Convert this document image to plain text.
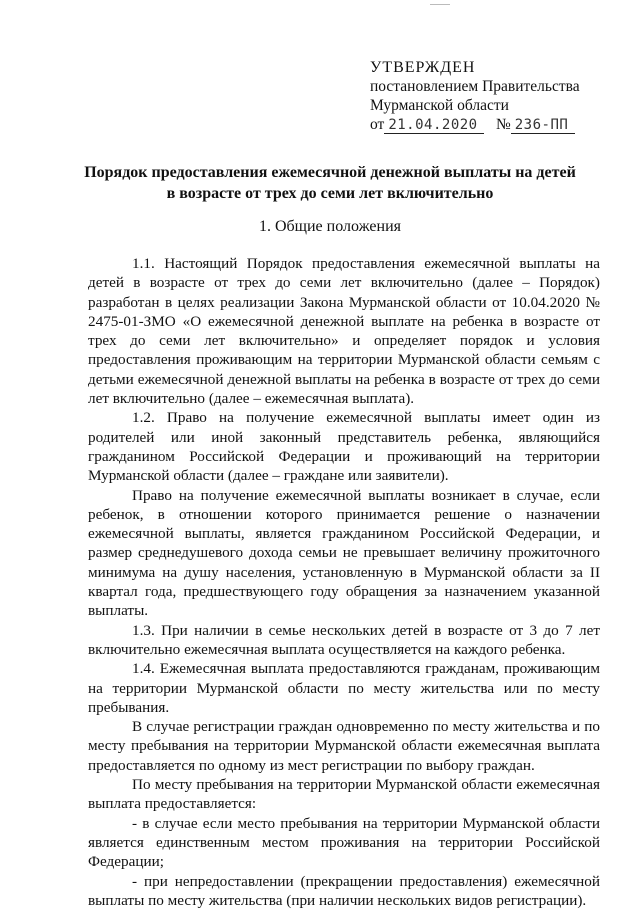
УТВЕРЖДЕН
постановлением Правительства
Мурманской области
от 21.04.2020 № 236-ПП
Порядок предоставления ежемесячной денежной выплаты на детей
в возрасте от трех до семи лет включительно
1. Общие положения

1.1. Настоящий Порядок предоставления ежемесячной выплаты на детей в возрасте от трех до семи лет включительно (далее – Порядок) разработан в целях реализации Закона Мурманской области от 10.04.2020 № 2475-01-ЗМО «О ежемесячной денежной выплате на ребенка в возрасте от трех до семи лет включительно» и определяет порядок и условия предоставления проживающим на территории Мурманской области семьям с детьми ежемесячной денежной выплаты на ребенка в возрасте от трех до семи лет включительно (далее – ежемесячная выплата).

1.2. Право на получение ежемесячной выплаты имеет один из родителей или иной законный представитель ребенка, являющийся гражданином Российской Федерации и проживающий на территории Мурманской области (далее – граждане или заявители).

Право на получение ежемесячной выплаты возникает в случае, если ребенок, в отношении которого принимается решение о назначении ежемесячной выплаты, является гражданином Российской Федерации, и размер среднедушевого дохода семьи не превышает величину прожиточного минимума на душу населения, установленную в Мурманской области за II квартал года, предшествующего году обращения за назначением указанной выплаты.

1.3. При наличии в семье нескольких детей в возрасте от 3 до 7 лет включительно ежемесячная выплата осуществляется на каждого ребенка.

1.4. Ежемесячная выплата предоставляются гражданам, проживающим на территории Мурманской области по месту жительства или по месту пребывания.

В случае регистрации граждан одновременно по месту жительства и по месту пребывания на территории Мурманской области ежемесячная выплата предоставляется по одному из мест регистрации по выбору граждан.

По месту пребывания на территории Мурманской области ежемесячная выплата предоставляется:

- в случае если место пребывания на территории Мурманской области является единственным местом проживания на территории Российской Федерации;

- при непредоставлении (прекращении предоставления) ежемесячной выплаты по месту жительства (при наличии нескольких видов регистрации).
